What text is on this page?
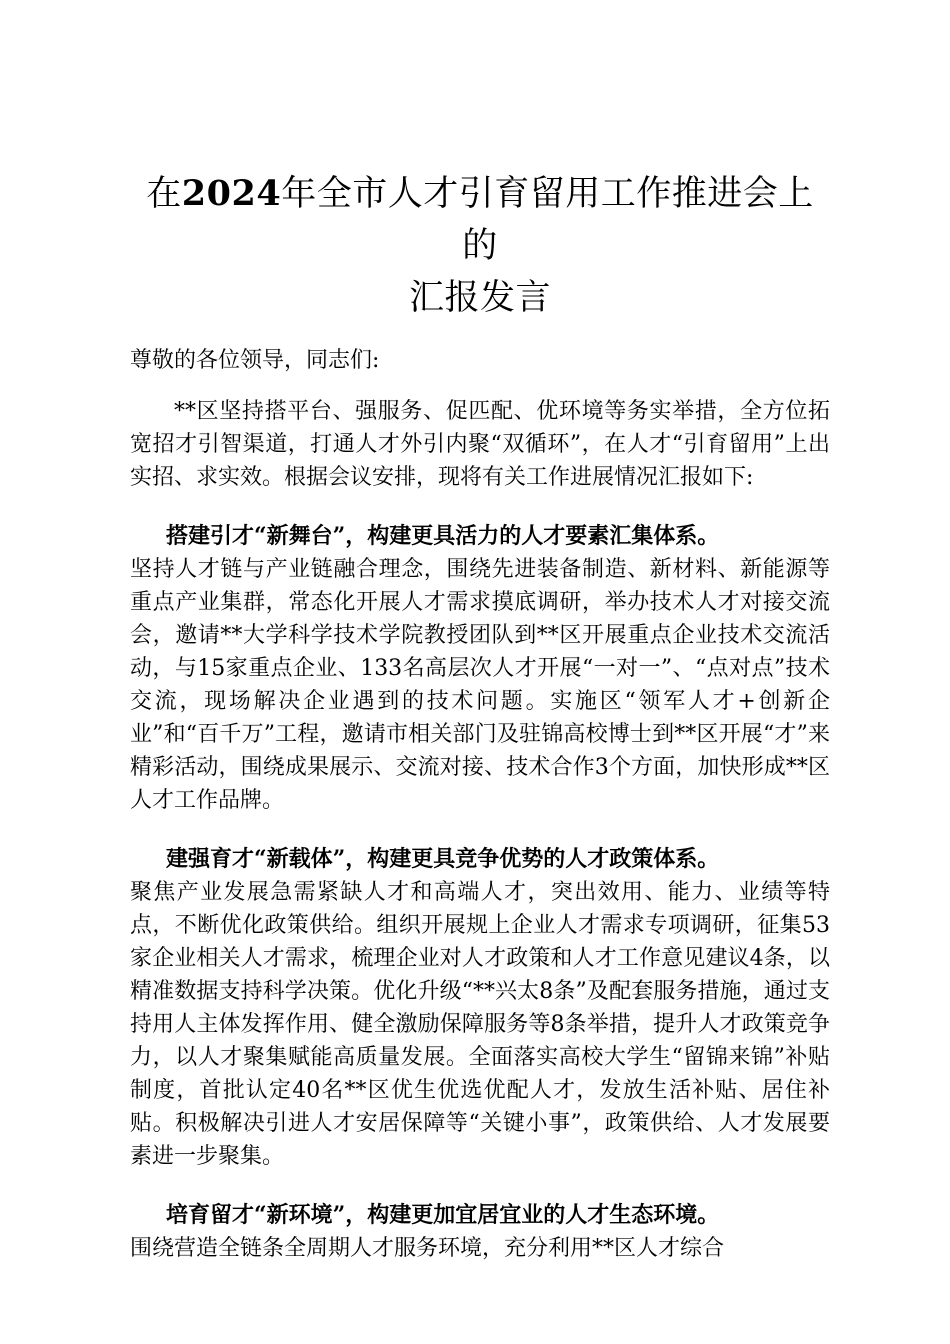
在2024年全市人才引育留用工作推进会上的
汇报发言
尊敬的各位领导，同志们:

**区坚持搭平台、强服务、促匹配、优环境等务实举措，全方位拓宽招才引智渠道，打通人才外引内聚“双循环”，在人才“引育留用”上出实招、求实效。根据会议安排，现将有关工作进展情况汇报如下:

搭建引才“新舞台”，构建更具活力的人才要素汇集体系。

坚持人才链与产业链融合理念，围绕先进装备制造、新材料、新能源等重点产业集群，常态化开展人才需求摸底调研，举办技术人才对接交流会，邀请**大学科学技术学院教授团队到**区开展重点企业技术交流活动，与15家重点企业、133名高层次人才开展“一对一”、“点对点”技术交流，现场解决企业遇到的技术问题。实施区“领军人才+创新企业”和“百千万”工程，邀请市相关部门及驻锦高校博士到**区开展“才”来精彩活动，围绕成果展示、交流对接、技术合作3个方面，加快形成**区人才工作品牌。

建强育才“新载体”，构建更具竞争优势的人才政策体系。

聚焦产业发展急需紧缺人才和高端人才，突出效用、能力、业绩等特点，不断优化政策供给。组织开展规上企业人才需求专项调研，征集53家企业相关人才需求，梳理企业对人才政策和人才工作意见建议4条，以精准数据支持科学决策。优化升级“**兴太8条”及配套服务措施，通过支持用人主体发挥作用、健全激励保障服务等8条举措，提升人才政策竞争力，以人才聚集赋能高质量发展。全面落实高校大学生“留锦来锦”补贴制度，首批认定40名**区优生优选优配人才，发放生活补贴、居住补贴。积极解决引进人才安居保障等“关键小事”，政策供给、人才发展要素进一步聚集。

培育留才“新环境”，构建更加宜居宜业的人才生态环境。

围绕营造全链条全周期人才服务环境，充分利用**区人才综合
